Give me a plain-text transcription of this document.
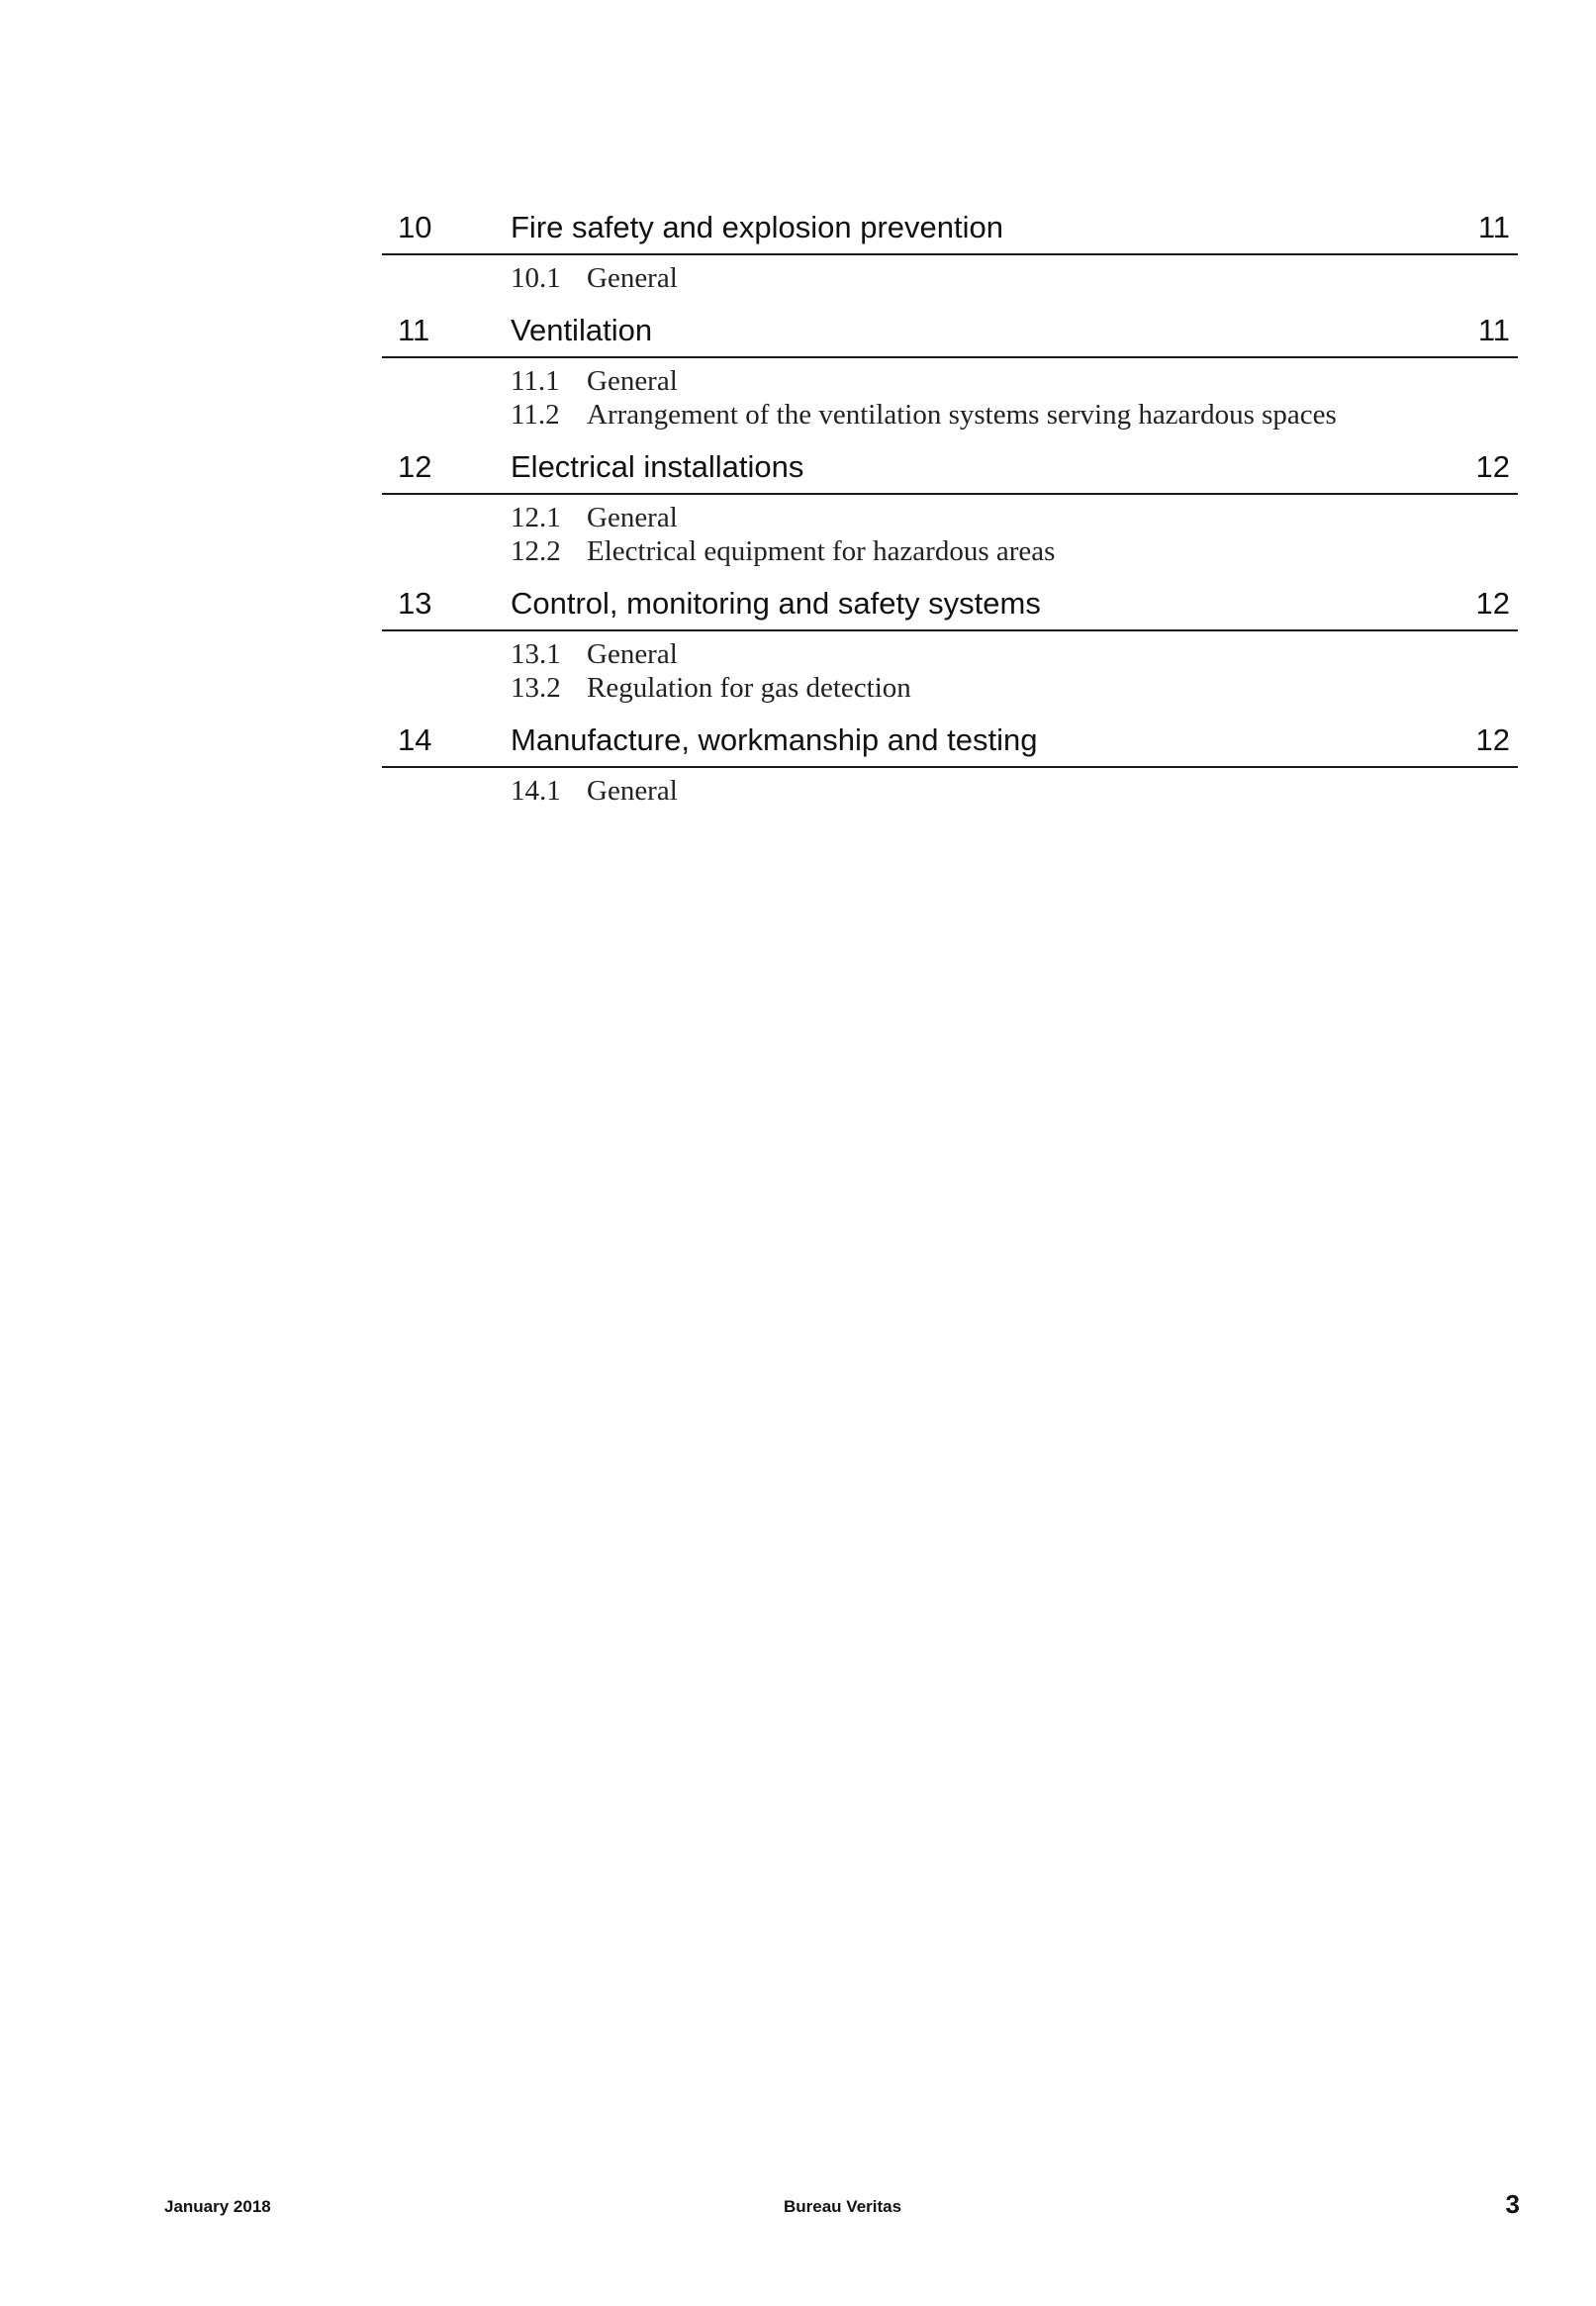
10	Fire safety and explosion prevention	11
10.1 General
11	Ventilation	11
11.1 General
11.2 Arrangement of the ventilation systems serving hazardous spaces
12	Electrical installations	12
12.1 General
12.2 Electrical equipment for hazardous areas
13	Control, monitoring and safety systems	12
13.1 General
13.2 Regulation for gas detection
14	Manufacture, workmanship and testing	12
14.1 General
January 2018	Bureau Veritas	3
